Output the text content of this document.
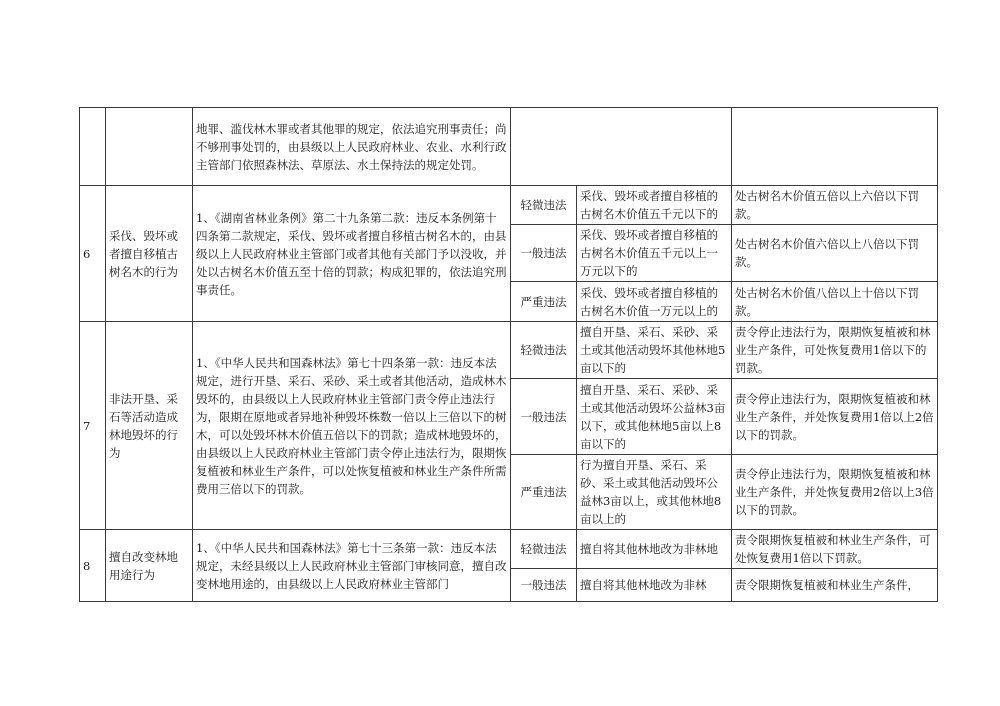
		地罪、滥伐林木罪或者其他罪的规定，依法追究刑事责任；尚不够刑事处罚的，由县级以上人民政府林业、农业、水利行政主管部门依照森林法、草原法、水土保持法的规定处罚。			
6	采伐、毁坏或者擅自移植古树名木的行为	1、《湖南省林业条例》第二十九条第二款：违反本条例第十四条第二款规定，采伐、毁坏或者擅自移植古树名木的，由县级以上人民政府林业主管部门或者其他有关部门予以没收，并处以古树名木价值五至十倍的罚款；构成犯罪的，依法追究刑事责任。	轻微违法	采伐、毁坏或者擅自移植的古树名木价值五千元以下的	处古树名木价值五倍以上六倍以下罚款。
			一般违法	采伐、毁坏或者擅自移植的古树名木价值五千元以上一万元以下的	处古树名木价值六倍以上八倍以下罚款。
			严重违法	采伐、毁坏或者擅自移植的古树名木价值一万元以上的	处古树名木价值八倍以上十倍以下罚款。
7	非法开垦、采石等活动造成林地毁坏的行为	1、《中华人民共和国森林法》第七十四条第一款：违反本法规定，进行开垦、采石、采砂、采土或者其他活动，造成林木毁坏的，由县级以上人民政府林业主管部门责令停止违法行为，限期在原地或者异地补种毁坏株数一倍以上三倍以下的树木，可以处毁坏林木价值五倍以下的罚款；造成林地毁坏的，由县级以上人民政府林业主管部门责令停止违法行为，限期恢复植被和林业生产条件，可以处恢复植被和林业生产条件所需费用三倍以下的罚款。	轻微违法	擅自开垦、采石、采砂、采土或其他活动毁坏其他林地5亩以下的	责令停止违法行为，限期恢复植被和林业生产条件，可处恢复费用1倍以下的罚款。
			一般违法	擅自开垦、采石、采砂、采土或其他活动毁坏公益林3亩以下，或其他林地5亩以上8亩以下的	责令停止违法行为，限期恢复植被和林业生产条件，并处恢复费用1倍以上2倍以下的罚款。
			严重违法	行为擅自开垦、采石、采砂、采土或其他活动毁坏公益林3亩以上，或其他林地8亩以上的	责令停止违法行为，限期恢复植被和林业生产条件，并处恢复费用2倍以上3倍以下的罚款。
8	擅自改变林地用途行为	1、《中华人民共和国森林法》第七十三条第一款：违反本法规定，未经县级以上人民政府林业主管部门审核同意，擅自改变林地用途的，由县级以上人民政府林业主管部门	轻微违法	擅自将其他林地改为非林地	责令限期恢复植被和林业生产条件，可处恢复费用1倍以下罚款。
			一般违法	擅自将其他林地改为非林	责令限期恢复植被和林业生产条件，
